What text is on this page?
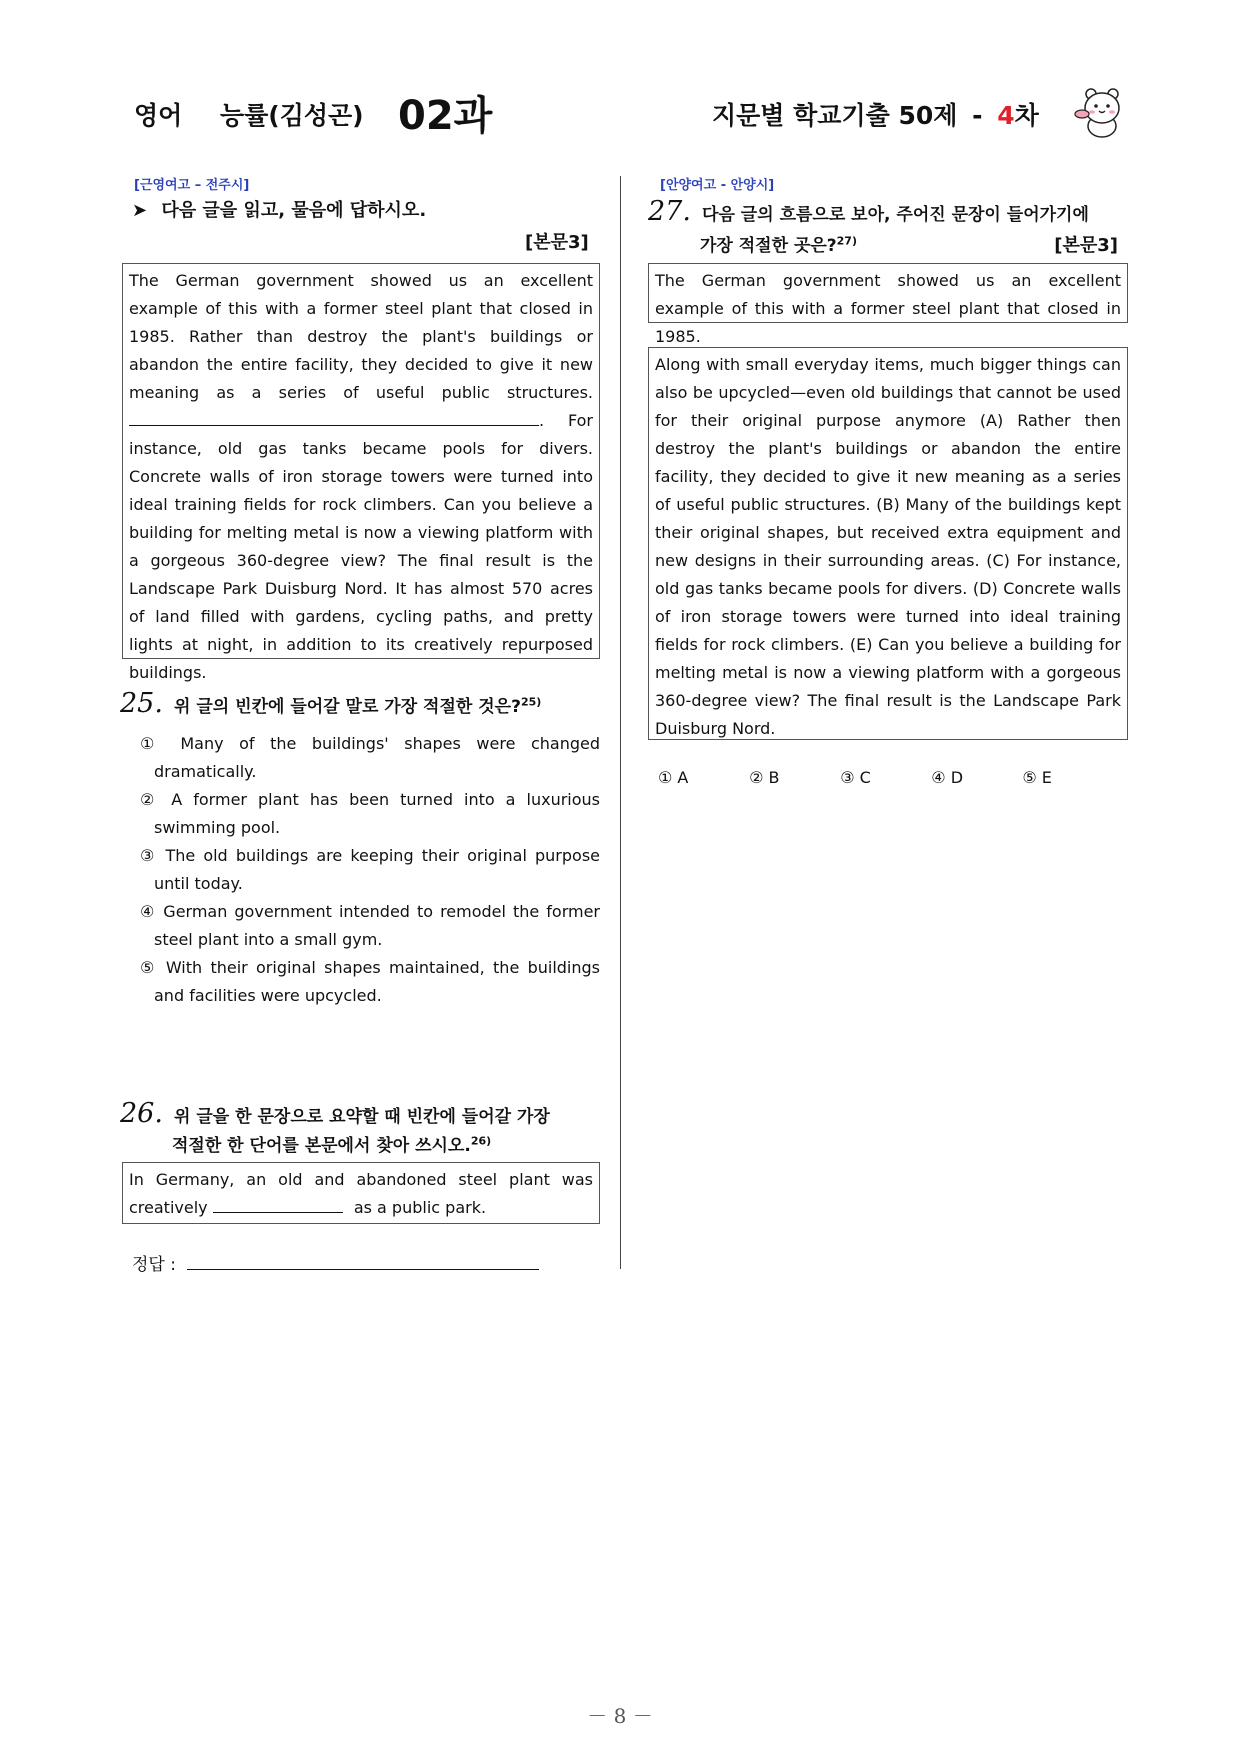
영어 능률(김성곤) 02과	지문별 학교기출 50제 - 4차
[근영여고 – 전주시]
➤ 다음 글을 읽고, 물음에 답하시오.
[본문3]

The German government showed us an excellent example of this with a former steel plant that closed in 1985. Rather than destroy the plant's buildings or abandon the entire facility, they decided to give it new meaning as a series of useful public structures. . For instance, old gas tanks became pools for divers. Concrete walls of iron storage towers were turned into ideal training fields for rock climbers. Can you believe a building for melting metal is now a viewing platform with a gorgeous 360-degree view? The final result is the Landscape Park Duisburg Nord. It has almost 570 acres of land filled with gardens, cycling paths, and pretty lights at night, in addition to its creatively repurposed buildings.

25. 위 글의 빈칸에 들어갈 말로 가장 적절한 것은?$^{25)}$
① Many of the buildings' shapes were changed dramatically.
② A former plant has been turned into a luxurious swimming pool.
③ The old buildings are keeping their original purpose until today.
④ German government intended to remodel the former steel plant into a small gym.
⑤ With their original shapes maintained, the buildings and facilities were upcycled.
26. 위 글을 한 문장으로 요약할 때 빈칸에 들어갈 가장
적절한 한 단어를 본문에서 찾아 쓰시오.$^{26)}$

In Germany, an old and abandoned steel plant was creatively	as a public park.

정답 :
[안양여고 - 안양시]
27. 다음 글의 흐름으로 보아, 주어진 문장이 들어가기에
가장 적절한 곳은?$^{27)}$	[본문3]

The German government showed us an excellent example of this with a former steel plant that closed in 1985.

Along with small everyday items, much bigger things can also be upcycled—even old buildings that cannot be used for their original purpose anymore (A) Rather then destroy the plant's buildings or abandon the entire facility, they decided to give it new meaning as a series of useful public structures. (B) Many of the buildings kept their original shapes, but received extra equipment and new designs in their surrounding areas. (C) For instance, old gas tanks became pools for divers. (D) Concrete walls of iron storage towers were turned into ideal training fields for rock climbers. (E) Can you believe a building for melting metal is now a viewing platform with a gorgeous 360-degree view? The final result is the Landscape Park Duisburg Nord.

① A	② B	③ C	④ D	⑤ E
－ 8 －
